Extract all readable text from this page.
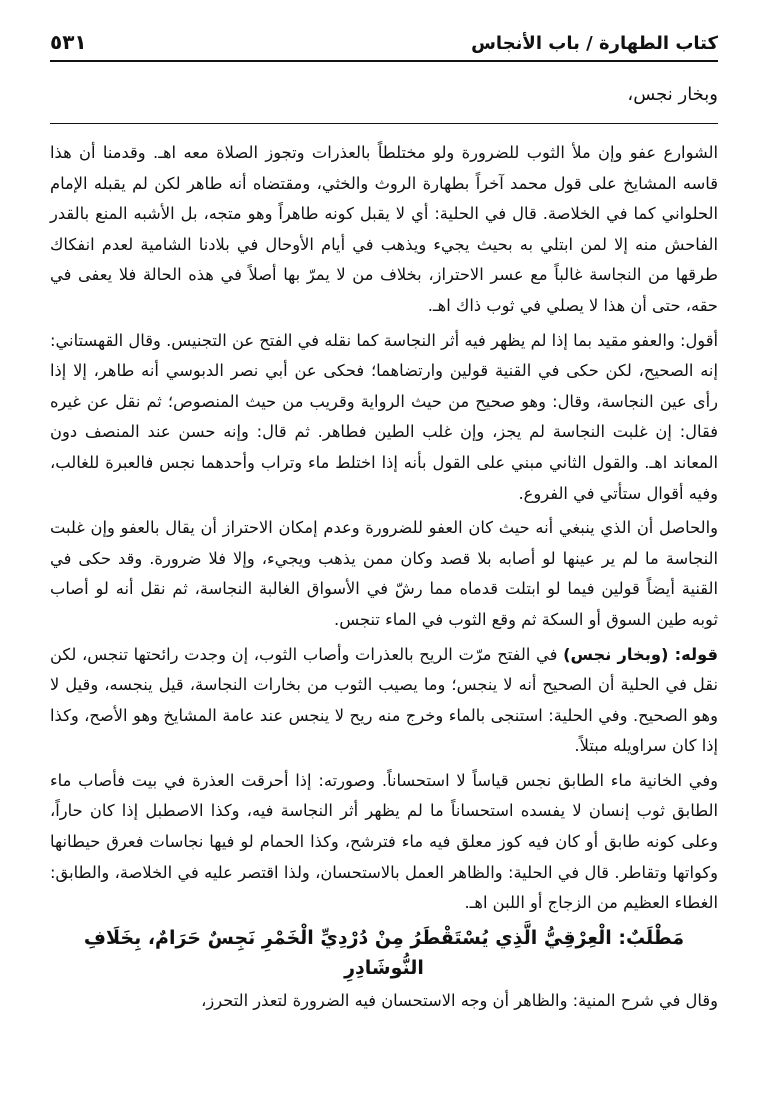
كتاب الطهارة / باب الأنجاس
٥٣١
وبخار نجس،

الشوارع عفو وإن ملأ الثوب للضرورة ولو مختلطاً بالعذرات وتجوز الصلاة معه اهـ. وقدمنا أن هذا قاسه المشايخ على قول محمد آخراً بطهارة الروث والخثي، ومقتضاه أنه طاهر لكن لم يقبله الإمام الحلواني كما في الخلاصة. قال في الحلية: أي لا يقبل كونه طاهراً وهو متجه، بل الأشبه المنع بالقدر الفاحش منه إلا لمن ابتلي به بحيث يجيء ويذهب في أيام الأوحال في بلادنا الشامية لعدم انفكاك طرقها من النجاسة غالباً مع عسر الاحتراز، بخلاف من لا يمرّ بها أصلاً في هذه الحالة فلا يعفى في حقه، حتى أن هذا لا يصلي في ثوب ذاك اهـ.

أقول: والعفو مقيد بما إذا لم يظهر فيه أثر النجاسة كما نقله في الفتح عن التجنيس. وقال القهستاني: إنه الصحيح، لكن حكى في القنية قولين وارتضاهما؛ فحكى عن أبي نصر الدبوسي أنه طاهر، إلا إذا رأى عين النجاسة، وقال: وهو صحيح من حيث الرواية وقريب من حيث المنصوص؛ ثم نقل عن غيره فقال: إن غلبت النجاسة لم يجز، وإن غلب الطين فطاهر. ثم قال: وإنه حسن عند المنصف دون المعاند اهـ. والقول الثاني مبني على القول بأنه إذا اختلط ماء وتراب وأحدهما نجس فالعبرة للغالب، وفيه أقوال ستأتي في الفروع.

والحاصل أن الذي ينبغي أنه حيث كان العفو للضرورة وعدم إمكان الاحتراز أن يقال بالعفو وإن غلبت النجاسة ما لم ير عينها لو أصابه بلا قصد وكان ممن يذهب ويجيء، وإلا فلا ضرورة. وقد حكى في القنية أيضاً قولين فيما لو ابتلت قدماه مما رشّ في الأسواق الغالبة النجاسة، ثم نقل أنه لو أصاب ثوبه طين السوق أو السكة ثم وقع الثوب في الماء تنجس.

قوله: (وبخار نجس) في الفتح مرّت الريح بالعذرات وأصاب الثوب، إن وجدت رائحتها تنجس، لكن نقل في الحلية أن الصحيح أنه لا ينجس؛ وما يصيب الثوب من بخارات النجاسة، قيل ينجسه، وقيل لا وهو الصحيح. وفي الحلية: استنجى بالماء وخرج منه ريح لا ينجس عند عامة المشايخ وهو الأصح، وكذا إذا كان سراويله مبتلاً.

وفي الخانية ماء الطابق نجس قياساً لا استحساناً. وصورته: إذا أحرقت العذرة في بيت فأصاب ماء الطابق ثوب إنسان لا يفسده استحساناً ما لم يظهر أثر النجاسة فيه، وكذا الاصطبل إذا كان حاراً، وعلى كونه طابق أو كان فيه كوز معلق فيه ماء فترشح، وكذا الحمام لو فيها نجاسات فعرق حيطانها وكواتها وتقاطر. قال في الحلية: والظاهر العمل بالاستحسان، ولذا اقتصر عليه في الخلاصة، والطابق: الغطاء العظيم من الزجاج أو اللبن اهـ.

مَطْلَبٌ: الْعِرْقِيُّ الَّذِي يُسْتَقْطَرُ مِنْ دُرْدِيِّ الْخَمْرِ نَجِسٌ حَرَامٌ، بِخَلَافِ النُّوشَادِرِ

وقال في شرح المنية: والظاهر أن وجه الاستحسان فيه الضرورة لتعذر التحرز،
